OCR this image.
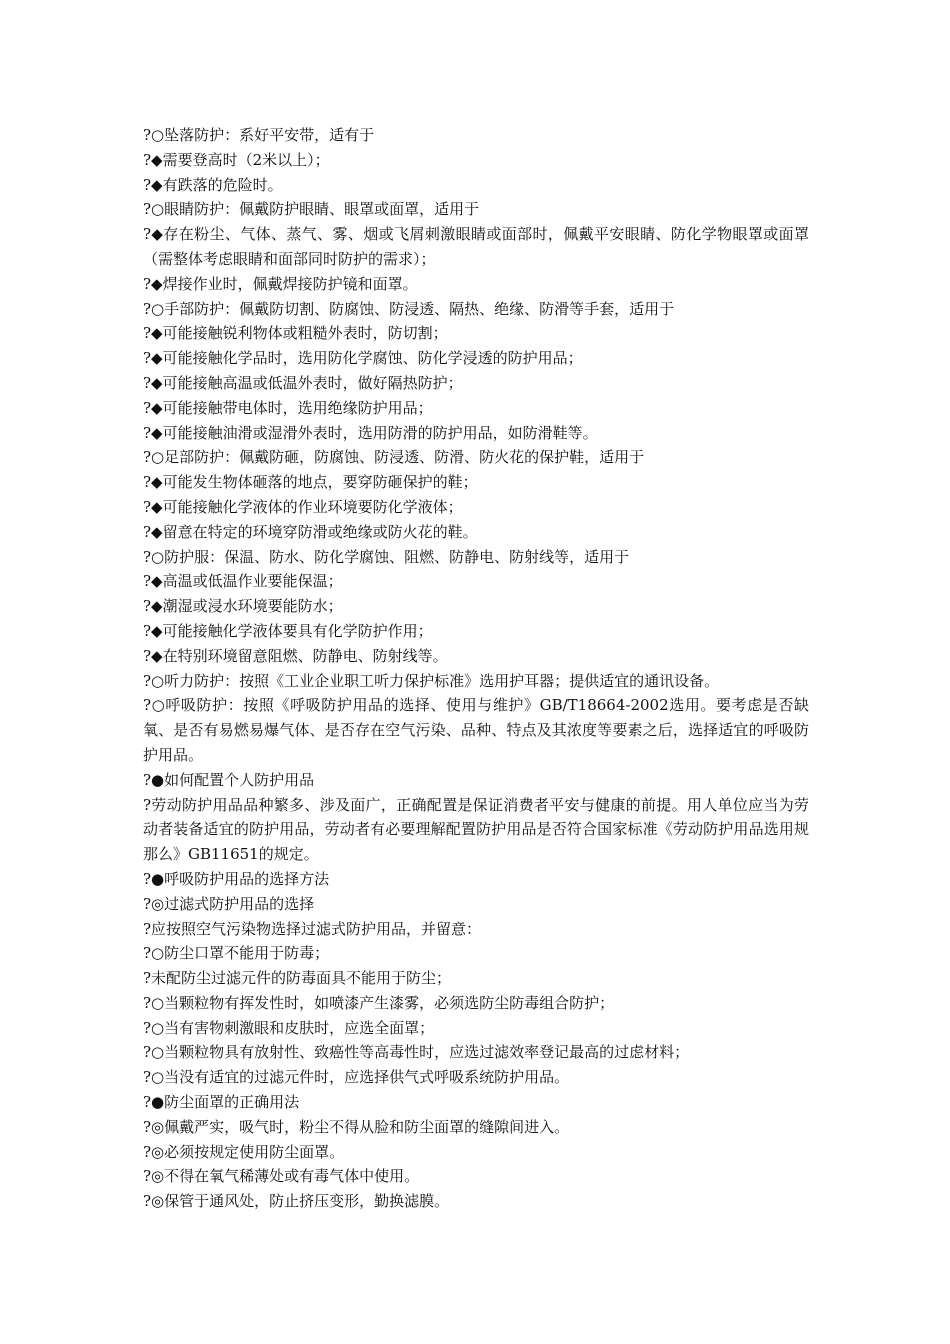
?○坠落防护：系好平安带，适有于

?◆需要登高时（2米以上）；

?◆有跌落的危险时。

?○眼睛防护：佩戴防护眼睛、眼罩或面罩，适用于

?◆存在粉尘、气体、蒸气、雾、烟或飞屑刺激眼睛或面部时，佩戴平安眼睛、防化学物眼罩或面罩（需整体考虑眼睛和面部同时防护的需求）；

?◆焊接作业时，佩戴焊接防护镜和面罩。

?○手部防护：佩戴防切割、防腐蚀、防浸透、隔热、绝缘、防滑等手套，适用于

?◆可能接触锐利物体或粗糙外表时，防切割；

?◆可能接触化学品时，选用防化学腐蚀、防化学浸透的防护用品；

?◆可能接触高温或低温外表时，做好隔热防护；

?◆可能接触带电体时，选用绝缘防护用品；

?◆可能接触油滑或湿滑外表时，选用防滑的防护用品，如防滑鞋等。

?○足部防护：佩戴防砸，防腐蚀、防浸透、防滑、防火花的保护鞋，适用于

?◆可能发生物体砸落的地点，要穿防砸保护的鞋；

?◆可能接触化学液体的作业环境要防化学液体；

?◆留意在特定的环境穿防滑或绝缘或防火花的鞋。

?○防护服：保温、防水、防化学腐蚀、阻燃、防静电、防射线等，适用于

?◆高温或低温作业要能保温；

?◆潮湿或浸水环境要能防水；

?◆可能接触化学液体要具有化学防护作用；

?◆在特别环境留意阻燃、防静电、防射线等。

?○听力防护：按照《工业企业职工听力保护标准》选用护耳器；提供适宜的通讯设备。

?○呼吸防护：按照《呼吸防护用品的选择、使用与维护》GB/T18664-2002选用。要考虑是否缺氧、是否有易燃易爆气体、是否存在空气污染、品种、特点及其浓度等要素之后，选择适宜的呼吸防护用品。

?●如何配置个人防护用品

?劳动防护用品品种繁多、涉及面广，正确配置是保证消费者平安与健康的前提。用人单位应当为劳动者装备适宜的防护用品，劳动者有必要理解配置防护用品是否符合国家标准《劳动防护用品选用规那么》GB11651的规定。

?●呼吸防护用品的选择方法

?◎过滤式防护用品的选择

?应按照空气污染物选择过滤式防护用品，并留意：

?○防尘口罩不能用于防毒；

?未配防尘过滤元件的防毒面具不能用于防尘；

?○当颗粒物有挥发性时，如喷漆产生漆雾，必须选防尘防毒组合防护；

?○当有害物刺激眼和皮肤时，应选全面罩；

?○当颗粒物具有放射性、致癌性等高毒性时，应选过滤效率登记最高的过虑材料；

?○当没有适宜的过滤元件时，应选择供气式呼吸系统防护用品。

?●防尘面罩的正确用法

?◎佩戴严实，吸气时，粉尘不得从脸和防尘面罩的缝隙间进入。

?◎必须按规定使用防尘面罩。

?◎不得在氧气稀薄处或有毒气体中使用。

?◎保管于通风处，防止挤压变形，勤换滤膜。
